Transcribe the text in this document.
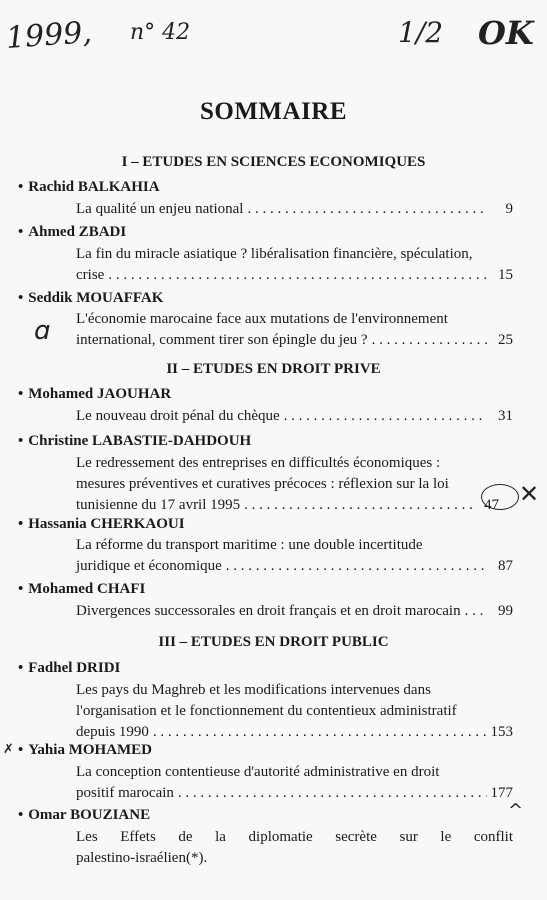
1999, n° 42	1/2 OK
SOMMAIRE
I – ETUDES EN SCIENCES ECONOMIQUES
• Rachid BALKAHIA
La qualité un enjeu national . . .	9
• Ahmed ZBADI
La fin du miracle asiatique ? libéralisation financière, spéculation,
crise . . .	15
• Seddik MOUAFFAK
L'économie marocaine face aux mutations de l'environnement
international, comment tirer son épingle du jeu ? . . .	25
ɑ
II – ETUDES EN DROIT PRIVE
• Mohamed JAOUHAR
Le nouveau droit pénal du chèque . . .	31
• Christine LABASTIE-DAHDOUH
Le redressement des entreprises en difficultés économiques :
mesures préventives et curatives précoces : réflexion sur la loi
tunisienne du 17 avril 1995 . . .	47 ✕
• Hassania CHERKAOUI
La réforme du transport maritime : une double incertitude
juridique et économique . . .	87
• Mohamed CHAFI
Divergences successorales en droit français et en droit marocain . . .	99
III – ETUDES EN DROIT PUBLIC
• Fadhel DRIDI
Les pays du Maghreb et les modifications intervenues dans
l'organisation et le fonctionnement du contentieux administratif
depuis 1990 . . .	153
✗ • Yahia MOHAMED
La conception contentieuse d'autorité administrative en droit
positif marocain . . .	177
^
• Omar BOUZIANE
Les Effets de la diplomatie secrète sur le conflit
palestino-israélien(*).
